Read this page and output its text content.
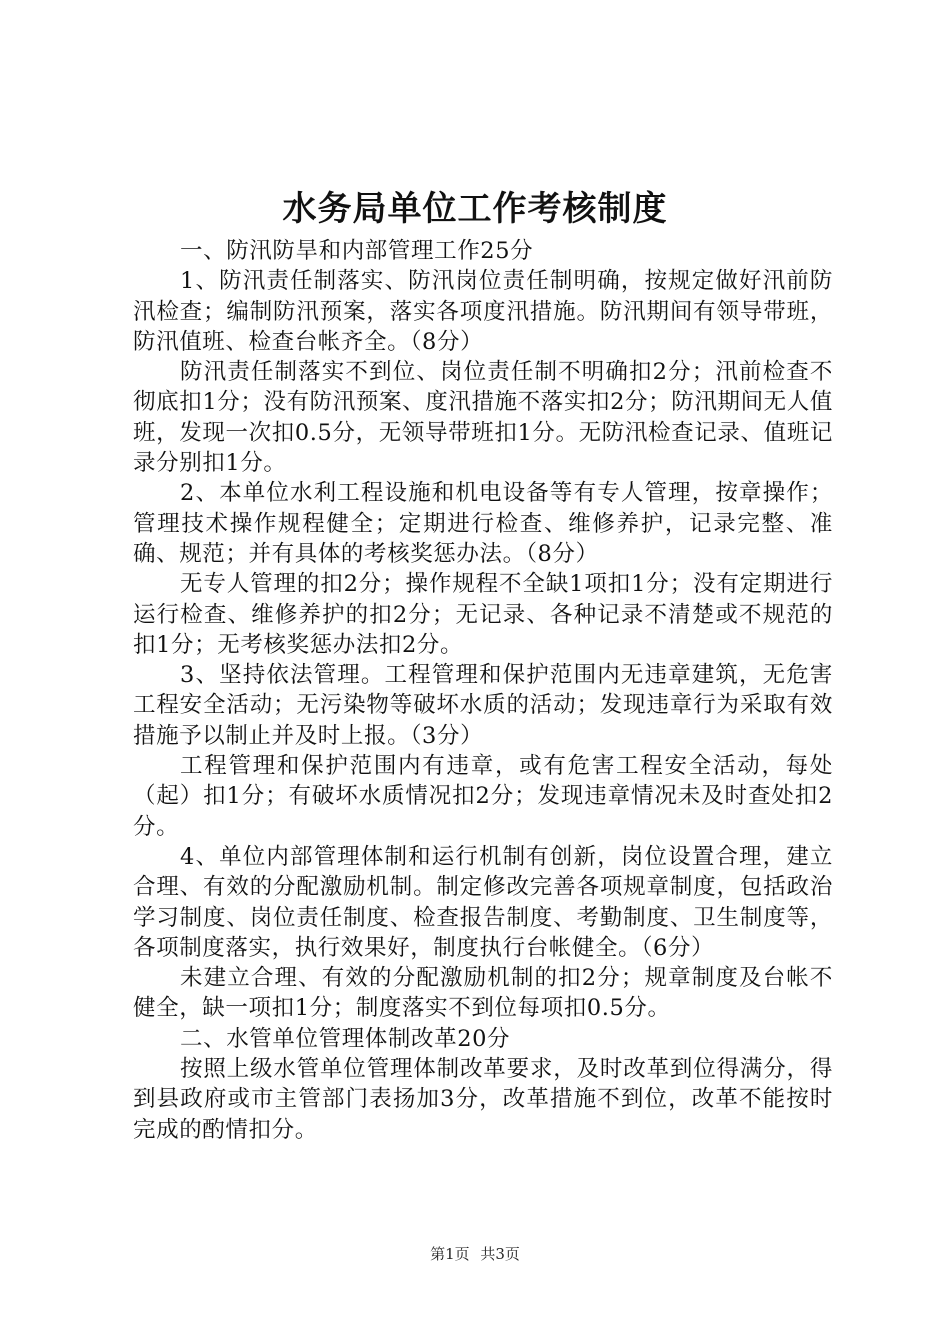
水务局单位工作考核制度

一、防汛防旱和内部管理工作25分

1、防汛责任制落实、防汛岗位责任制明确，按规定做好汛前防汛检查；编制防汛预案，落实各项度汛措施。防汛期间有领导带班，防汛值班、检查台帐齐全。（8分）

防汛责任制落实不到位、岗位责任制不明确扣2分；汛前检查不彻底扣1分；没有防汛预案、度汛措施不落实扣2分；防汛期间无人值班，发现一次扣0.5分，无领导带班扣1分。无防汛检查记录、值班记录分别扣1分。

2、本单位水利工程设施和机电设备等有专人管理，按章操作；管理技术操作规程健全；定期进行检查、维修养护，记录完整、准确、规范；并有具体的考核奖惩办法。（8分）

无专人管理的扣2分；操作规程不全缺1项扣1分；没有定期进行运行检查、维修养护的扣2分；无记录、各种记录不清楚或不规范的扣1分；无考核奖惩办法扣2分。

3、坚持依法管理。工程管理和保护范围内无违章建筑，无危害工程安全活动；无污染物等破坏水质的活动；发现违章行为采取有效措施予以制止并及时上报。（3分）

工程管理和保护范围内有违章，或有危害工程安全活动，每处（起）扣1分；有破坏水质情况扣2分；发现违章情况未及时查处扣2分。

4、单位内部管理体制和运行机制有创新，岗位设置合理，建立合理、有效的分配激励机制。制定修改完善各项规章制度，包括政治学习制度、岗位责任制度、检查报告制度、考勤制度、卫生制度等，各项制度落实，执行效果好，制度执行台帐健全。（6分）

未建立合理、有效的分配激励机制的扣2分；规章制度及台帐不健全，缺一项扣1分；制度落实不到位每项扣0.5分。

二、水管单位管理体制改革20分

按照上级水管单位管理体制改革要求，及时改革到位得满分，得到县政府或市主管部门表扬加3分，改革措施不到位，改革不能按时完成的酌情扣分。

第1页 共3页
